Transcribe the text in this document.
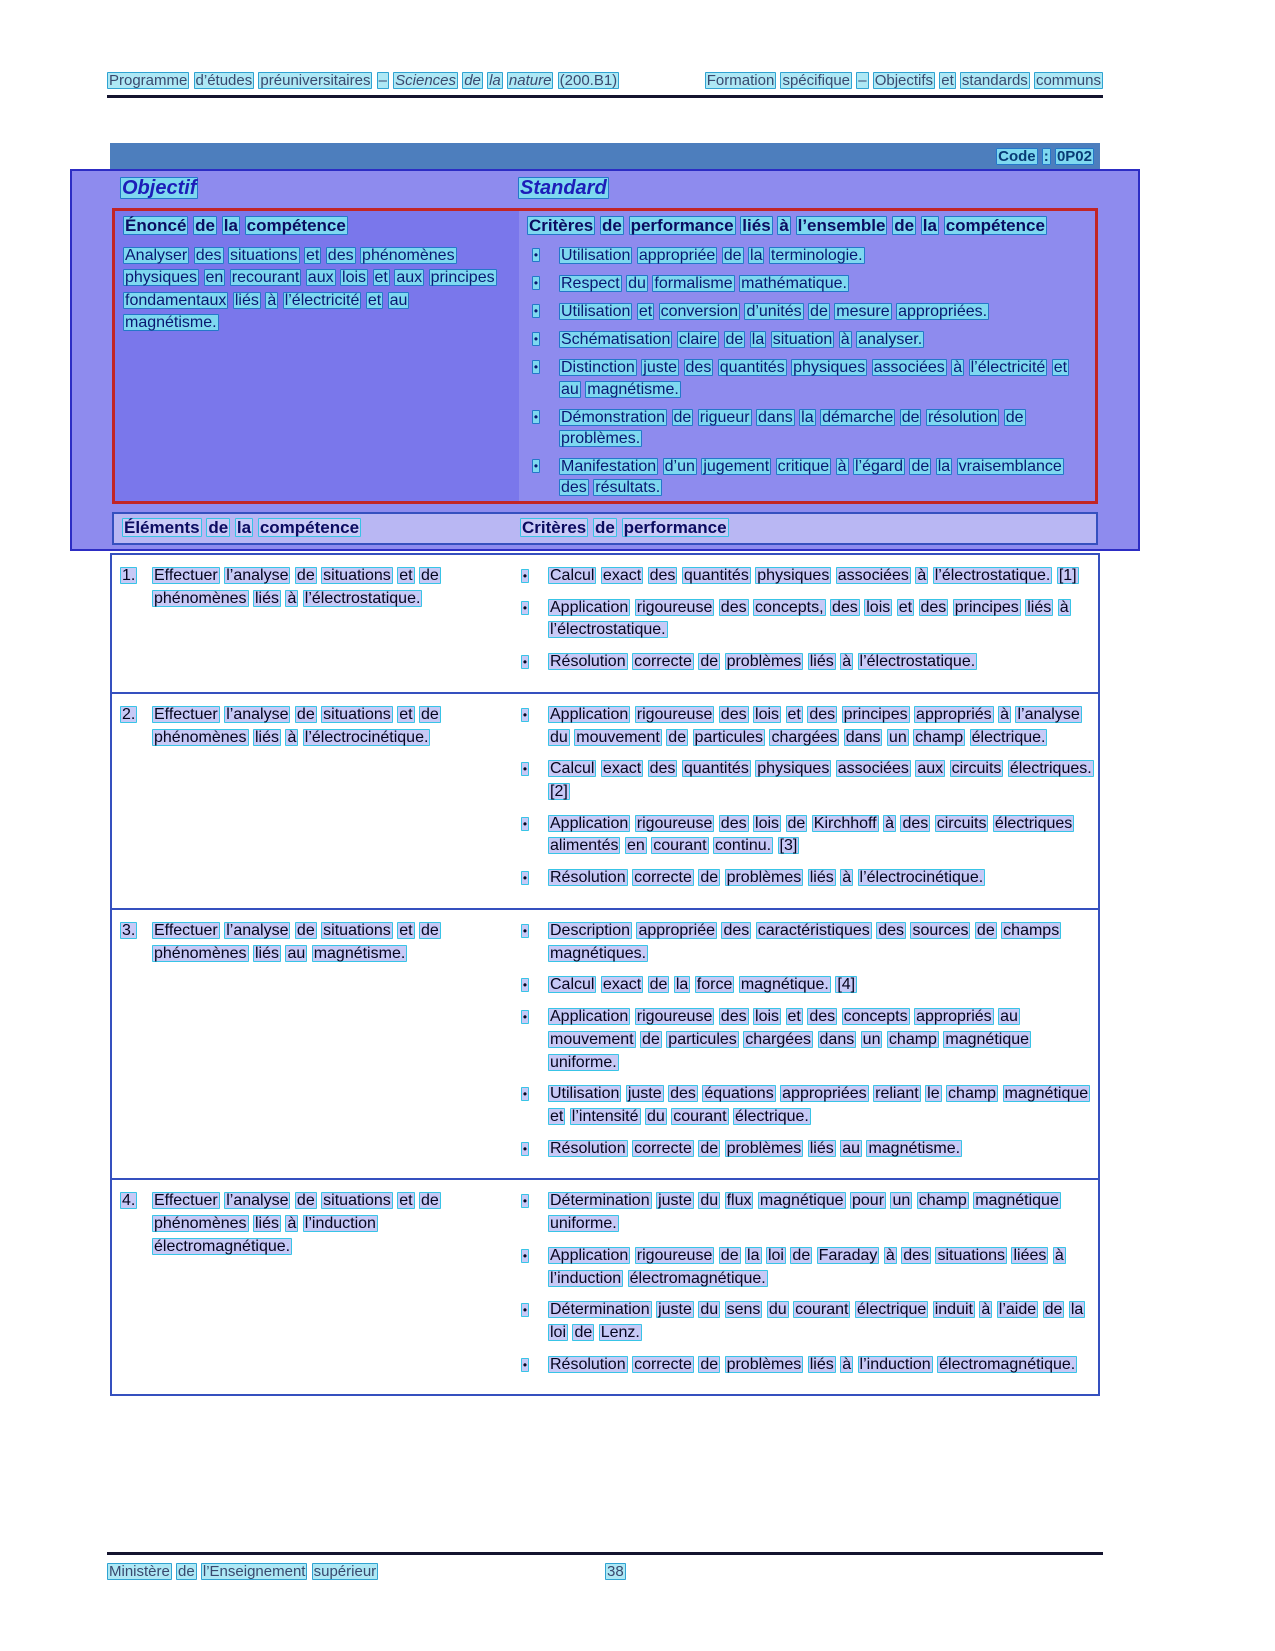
Programme d’études préuniversitaires – Sciences de la nature (200.B1)	Formation spécifique – Objectifs et standards communs
Code : 0P02
Objectif	Standard
Énoncé de la compétence	Critères de performance liés à l’ensemble de la compétence

Analyser des situations et des phénomènes physiques en recourant aux lois et aux principes fondamentaux liés à l’électricité et au magnétisme.

•	Utilisation appropriée de la terminologie.
•	Respect du formalisme mathématique.
•	Utilisation et conversion d’unités de mesure appropriées.
•	Schématisation claire de la situation à analyser.
•	Distinction juste des quantités physiques associées à l’électricité et au magnétisme.
•	Démonstration de rigueur dans la démarche de résolution de problèmes.
•	Manifestation d’un jugement critique à l’égard de la vraisemblance des résultats.
Éléments de la compétence	Critères de performance
1.	Effectuer l’analyse de situations et de phénomènes liés à l’électrostatique.
•	Calcul exact des quantités physiques associées à l’électrostatique. [1]
•	Application rigoureuse des concepts, des lois et des principes liés à l’électrostatique.
•	Résolution correcte de problèmes liés à l’électrostatique.
2.	Effectuer l’analyse de situations et de phénomènes liés à l’électrocinétique.
•	Application rigoureuse des lois et des principes appropriés à l’analyse du mouvement de particules chargées dans un champ électrique.
•	Calcul exact des quantités physiques associées aux circuits électriques. [2]
•	Application rigoureuse des lois de Kirchhoff à des circuits électriques alimentés en courant continu. [3]
•	Résolution correcte de problèmes liés à l’électrocinétique.
3.	Effectuer l’analyse de situations et de phénomènes liés au magnétisme.
•	Description appropriée des caractéristiques des sources de champs magnétiques.
•	Calcul exact de la force magnétique. [4]
•	Application rigoureuse des lois et des concepts appropriés au mouvement de particules chargées dans un champ magnétique uniforme.
•	Utilisation juste des équations appropriées reliant le champ magnétique et l’intensité du courant électrique.
•	Résolution correcte de problèmes liés au magnétisme.
4.	Effectuer l’analyse de situations et de phénomènes liés à l’induction électromagnétique.
•	Détermination juste du flux magnétique pour un champ magnétique uniforme.
•	Application rigoureuse de la loi de Faraday à des situations liées à l’induction électromagnétique.
•	Détermination juste du sens du courant électrique induit à l’aide de la loi de Lenz.
•	Résolution correcte de problèmes liés à l’induction électromagnétique.
Ministère de l’Enseignement supérieur	38
